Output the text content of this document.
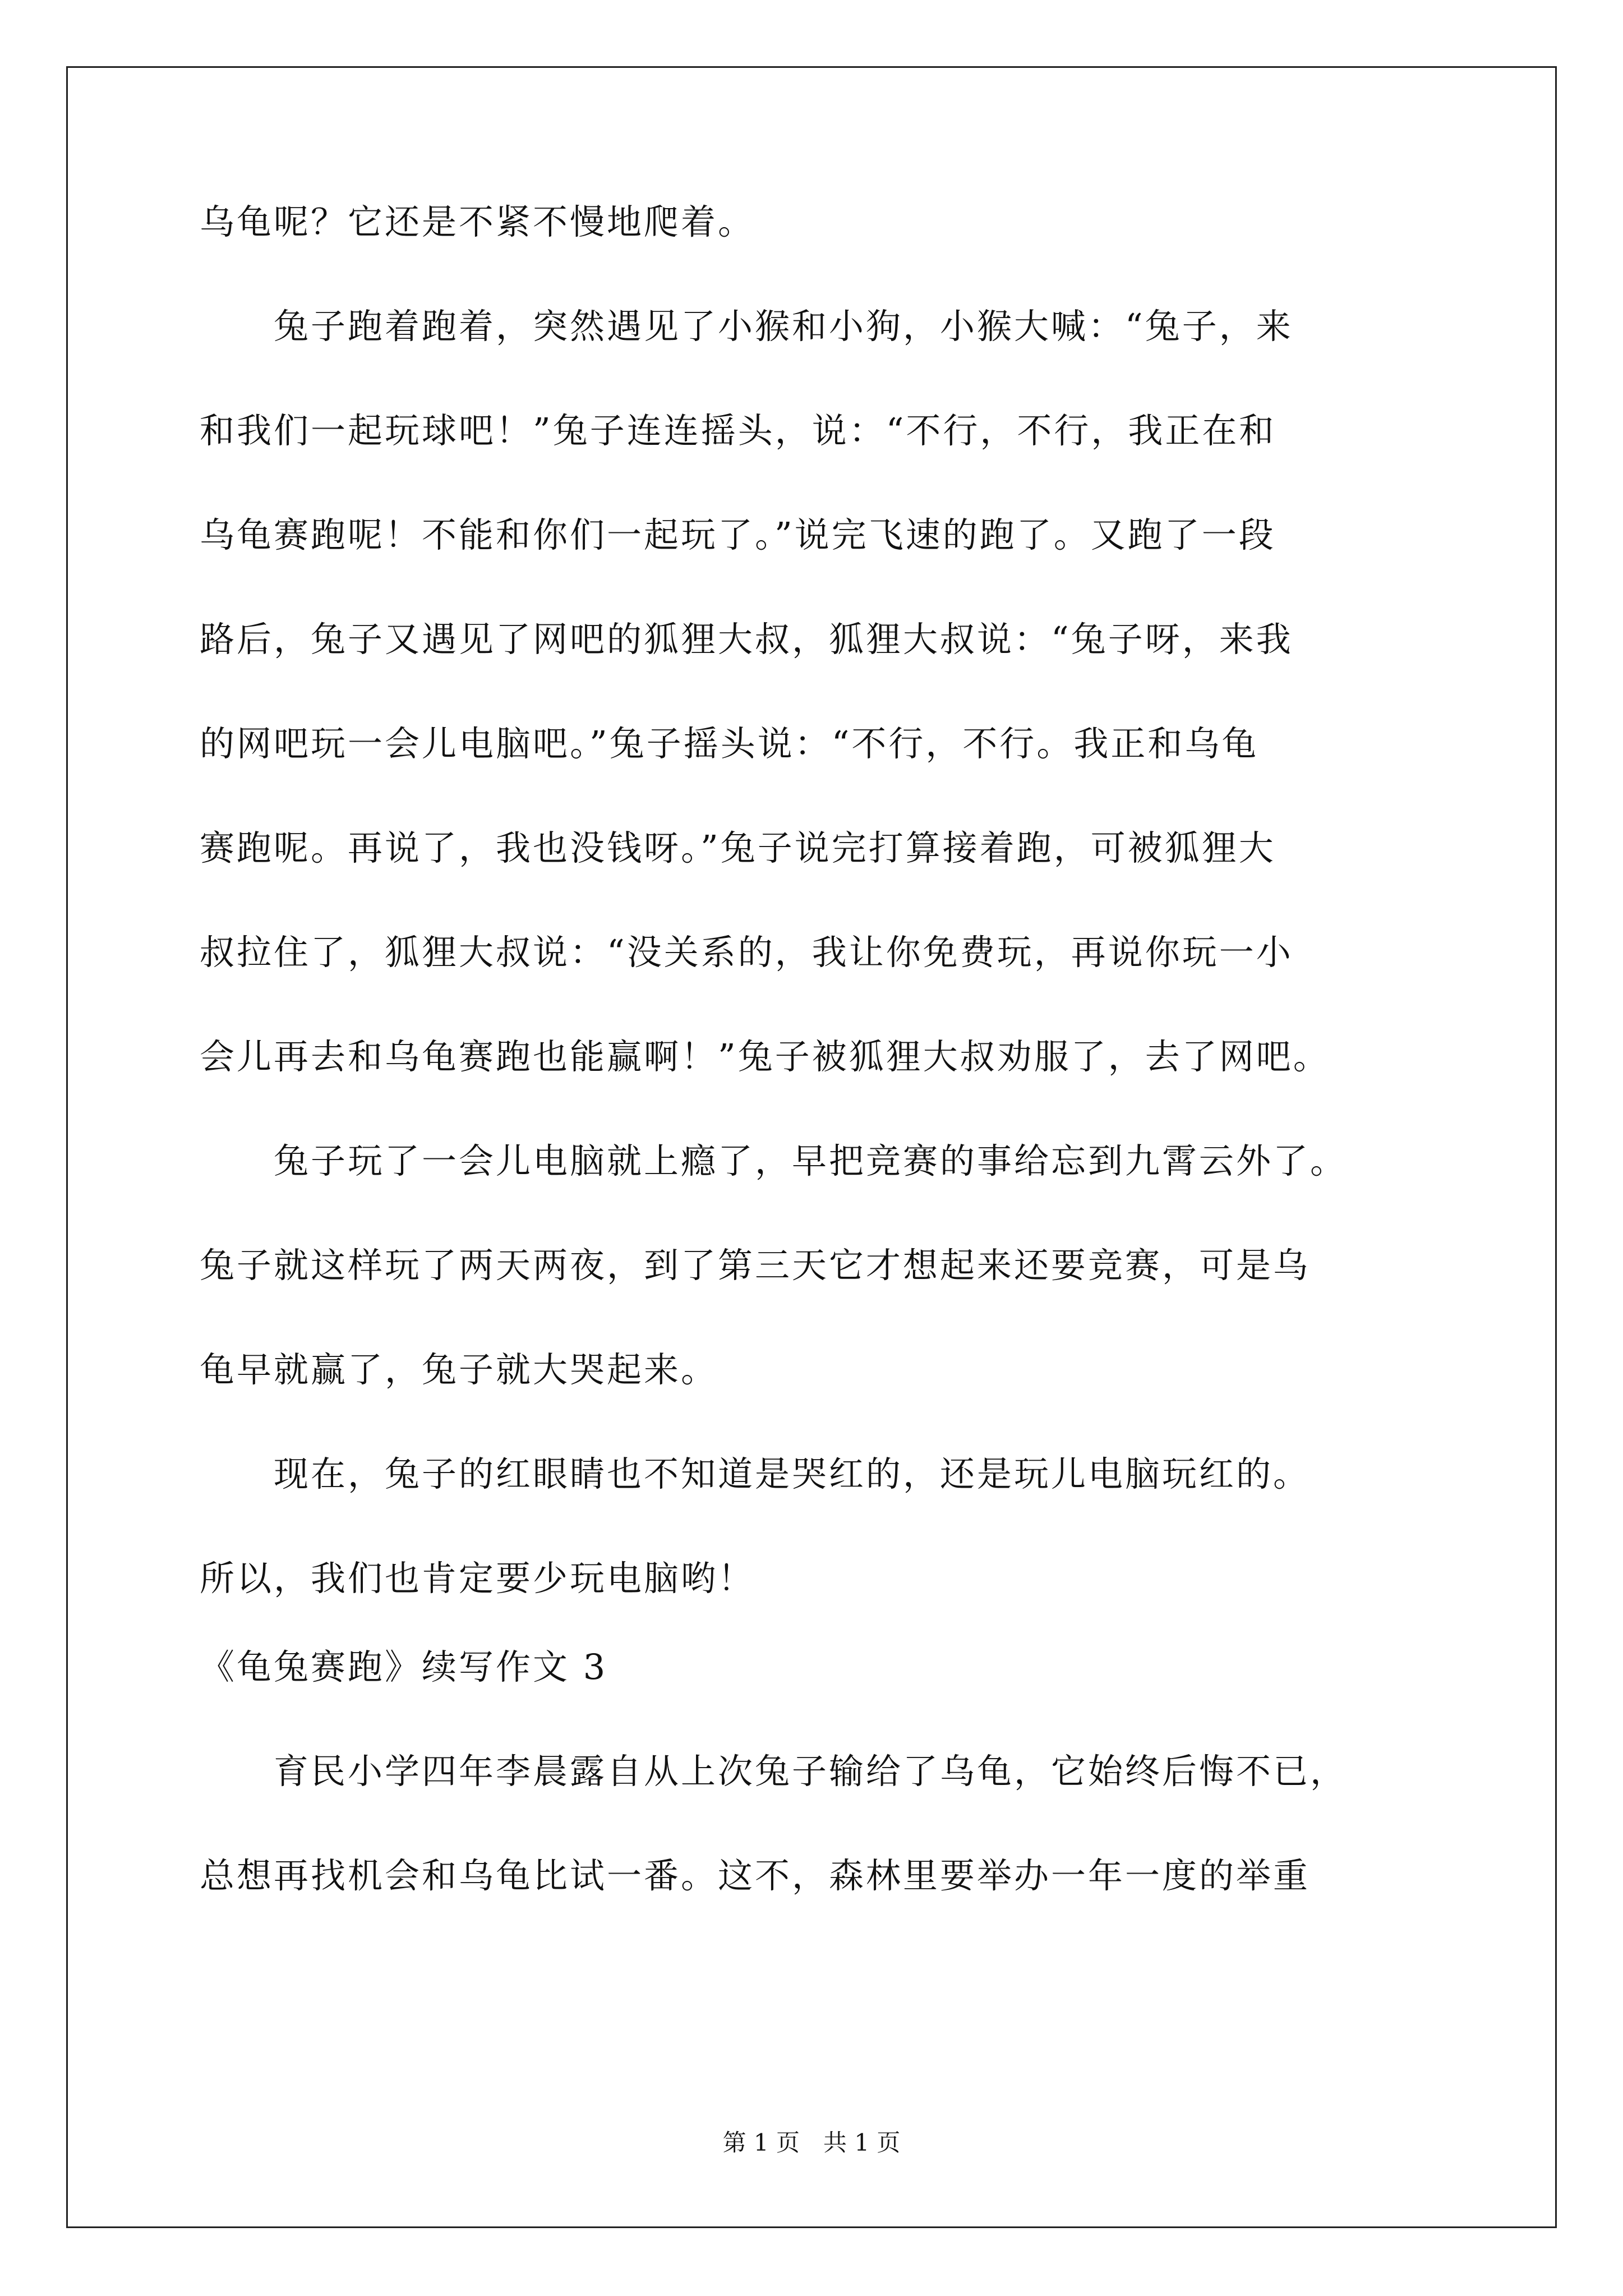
乌龟呢？它还是不紧不慢地爬着。
　　兔子跑着跑着，突然遇见了小猴和小狗，小猴大喊：“兔子，来
和我们一起玩球吧！”兔子连连摇头，说：“不行，不行，我正在和
乌龟赛跑呢！不能和你们一起玩了。”说完飞速的跑了。又跑了一段
路后，兔子又遇见了网吧的狐狸大叔，狐狸大叔说：“兔子呀，来我
的网吧玩一会儿电脑吧。”兔子摇头说：“不行，不行。我正和乌龟
赛跑呢。再说了，我也没钱呀。”兔子说完打算接着跑，可被狐狸大
叔拉住了，狐狸大叔说：“没关系的，我让你免费玩，再说你玩一小
会儿再去和乌龟赛跑也能赢啊！”兔子被狐狸大叔劝服了，去了网吧。
　　兔子玩了一会儿电脑就上瘾了，早把竞赛的事给忘到九霄云外了。
兔子就这样玩了两天两夜，到了第三天它才想起来还要竞赛，可是乌
龟早就赢了，兔子就大哭起来。
　　现在，兔子的红眼睛也不知道是哭红的，还是玩儿电脑玩红的。
所以，我们也肯定要少玩电脑哟！
《龟兔赛跑》续写作文 3
　　育民小学四年李晨露自从上次兔子输给了乌龟，它始终后悔不已，
总想再找机会和乌龟比试一番。这不，森林里要举办一年一度的举重
第 1 页　共 1 页
